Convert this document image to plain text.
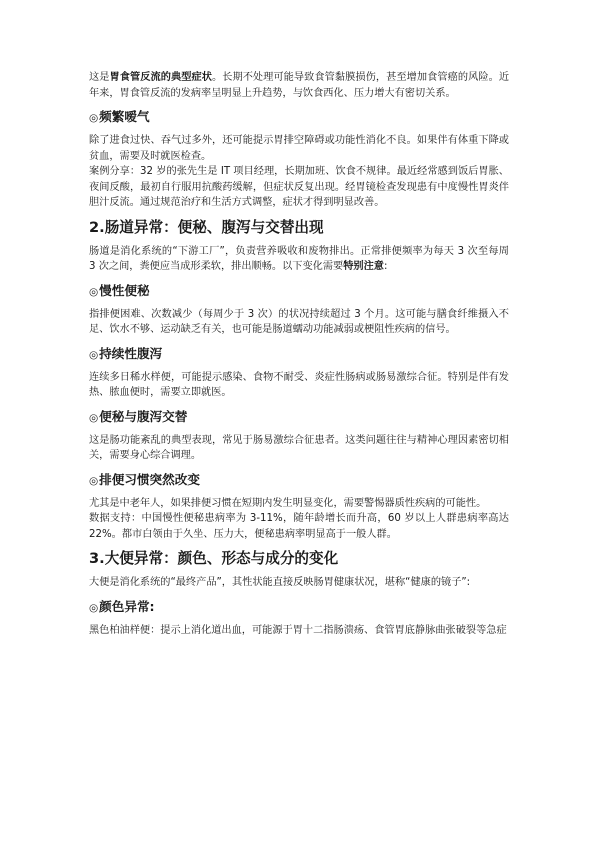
这是胃食管反流的典型症状。长期不处理可能导致食管黏膜损伤，甚至增加食管癌的风险。近年来，胃食管反流的发病率呈明显上升趋势，与饮食西化、压力增大有密切关系。

◎频繁嗳气

除了进食过快、吞气过多外，还可能提示胃排空障碍或功能性消化不良。如果伴有体重下降或贫血，需要及时就医检查。

案例分享：32 岁的张先生是 IT 项目经理，长期加班、饮食不规律。最近经常感到饭后胃胀、夜间反酸，最初自行服用抗酸药缓解，但症状反复出现。经胃镜检查发现患有中度慢性胃炎伴胆汁反流。通过规范治疗和生活方式调整，症状才得到明显改善。

2.肠道异常：便秘、腹泻与交替出现

肠道是消化系统的“下游工厂”，负责营养吸收和废物排出。正常排便频率为每天 3 次至每周 3 次之间，粪便应当成形柔软，排出顺畅。以下变化需要特别注意:

◎慢性便秘

指排便困难、次数减少（每周少于 3 次）的状况持续超过 3 个月。这可能与膳食纤维摄入不足、饮水不够、运动缺乏有关，也可能是肠道蠕动功能减弱或梗阻性疾病的信号。

◎持续性腹泻

连续多日稀水样便，可能提示感染、食物不耐受、炎症性肠病或肠易激综合征。特别是伴有发热、脓血便时，需要立即就医。

◎便秘与腹泻交替

这是肠功能紊乱的典型表现，常见于肠易激综合征患者。这类问题往往与精神心理因素密切相关，需要身心综合调理。

◎排便习惯突然改变

尤其是中老年人，如果排便习惯在短期内发生明显变化，需要警惕器质性疾病的可能性。

数据支持：中国慢性便秘患病率为 3-11%，随年龄增长而升高，60 岁以上人群患病率高达 22%。都市白领由于久坐、压力大，便秘患病率明显高于一般人群。

3.大便异常：颜色、形态与成分的变化

大便是消化系统的“最终产品”，其性状能直接反映肠胃健康状况，堪称“健康的镜子”:

◎颜色异常:

黑色柏油样便：提示上消化道出血，可能源于胃十二指肠溃疡、食管胃底静脉曲张破裂等急症
